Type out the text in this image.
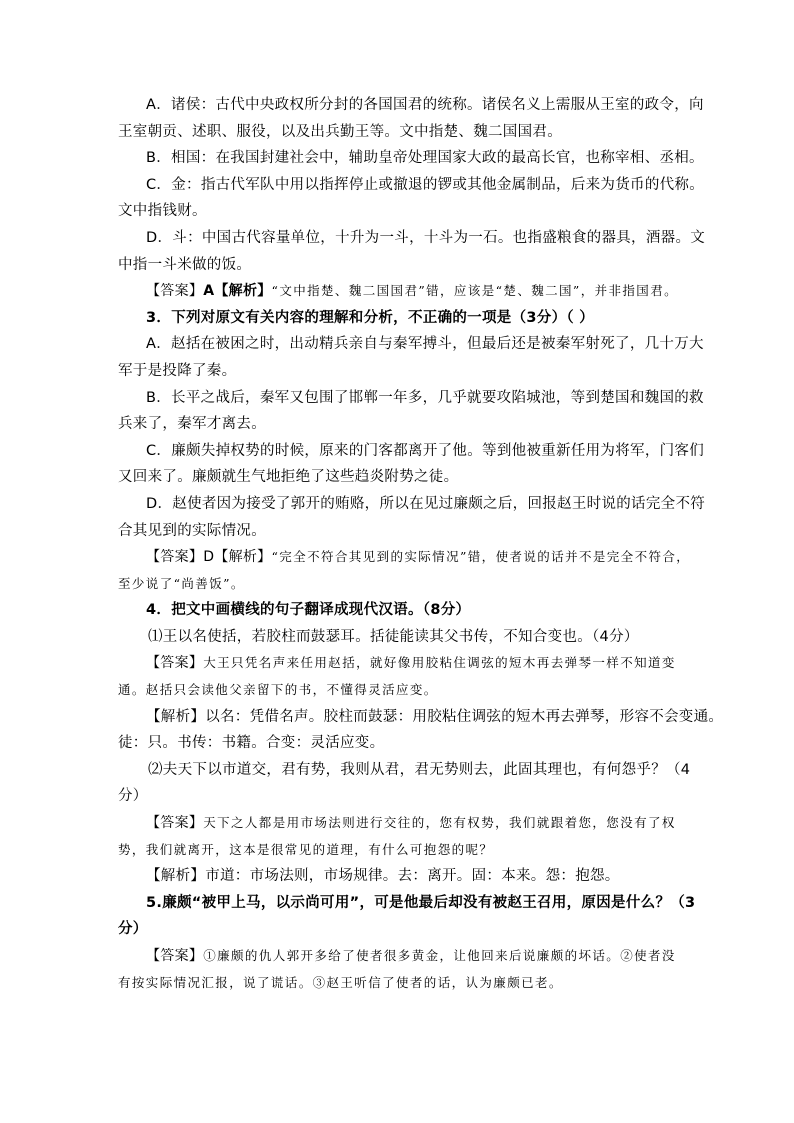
A．诸侯：古代中央政权所分封的各国国君的统称。诸侯名义上需服从王室的政令，向

王室朝贡、述职、服役，以及出兵勤王等。文中指楚、魏二国国君。

B．相国：在我国封建社会中，辅助皇帝处理国家大政的最高长官，也称宰相、丞相。

C．金：指古代军队中用以指挥停止或撤退的锣或其他金属制品，后来为货币的代称。

文中指钱财。

D．斗：中国古代容量单位，十升为一斗，十斗为一石。也指盛粮食的器具，酒器。文

中指一斗米做的饭。

【答案】A【解析】“文中指楚、魏二国国君”错，应该是“楚、魏二国”，并非指国君。

3．下列对原文有关内容的理解和分析，不正确的一项是（3分）（ ）

A．赵括在被困之时，出动精兵亲自与秦军搏斗，但最后还是被秦军射死了，几十万大

军于是投降了秦。

B．长平之战后，秦军又包围了邯郸一年多，几乎就要攻陷城池，等到楚国和魏国的救

兵来了，秦军才离去。

C．廉颇失掉权势的时候，原来的门客都离开了他。等到他被重新任用为将军，门客们

又回来了。廉颇就生气地拒绝了这些趋炎附势之徒。

D．赵使者因为接受了郭开的贿赂，所以在见过廉颇之后，回报赵王时说的话完全不符

合其见到的实际情况。

【答案】D【解析】“完全不符合其见到的实际情况”错，使者说的话并不是完全不符合，

至少说了“尚善饭”。

4．把文中画横线的句子翻译成现代汉语。（8分）

⑴王以名使括，若胶柱而鼓瑟耳。括徒能读其父书传，不知合变也。（4分）

【答案】大王只凭名声来任用赵括，就好像用胶粘住调弦的短木再去弹琴一样不知道变

通。赵括只会读他父亲留下的书，不懂得灵活应变。

【解析】以名：凭借名声。胶柱而鼓瑟：用胶粘住调弦的短木再去弹琴，形容不会变通。

徒：只。书传：书籍。合变：灵活应变。

⑵夫天下以市道交，君有势，我则从君，君无势则去，此固其理也，有何怨乎？（4

分）

【答案】天下之人都是用市场法则进行交往的，您有权势，我们就跟着您，您没有了权

势，我们就离开，这本是很常见的道理，有什么可抱怨的呢？

【解析】市道：市场法则，市场规律。去：离开。固：本来。怨：抱怨。

5.廉颇“被甲上马，以示尚可用”，可是他最后却没有被赵王召用，原因是什么？（3

分）

【答案】①廉颇的仇人郭开多给了使者很多黄金，让他回来后说廉颇的坏话。②使者没

有按实际情况汇报，说了谎话。③赵王听信了使者的话，认为廉颇已老。
